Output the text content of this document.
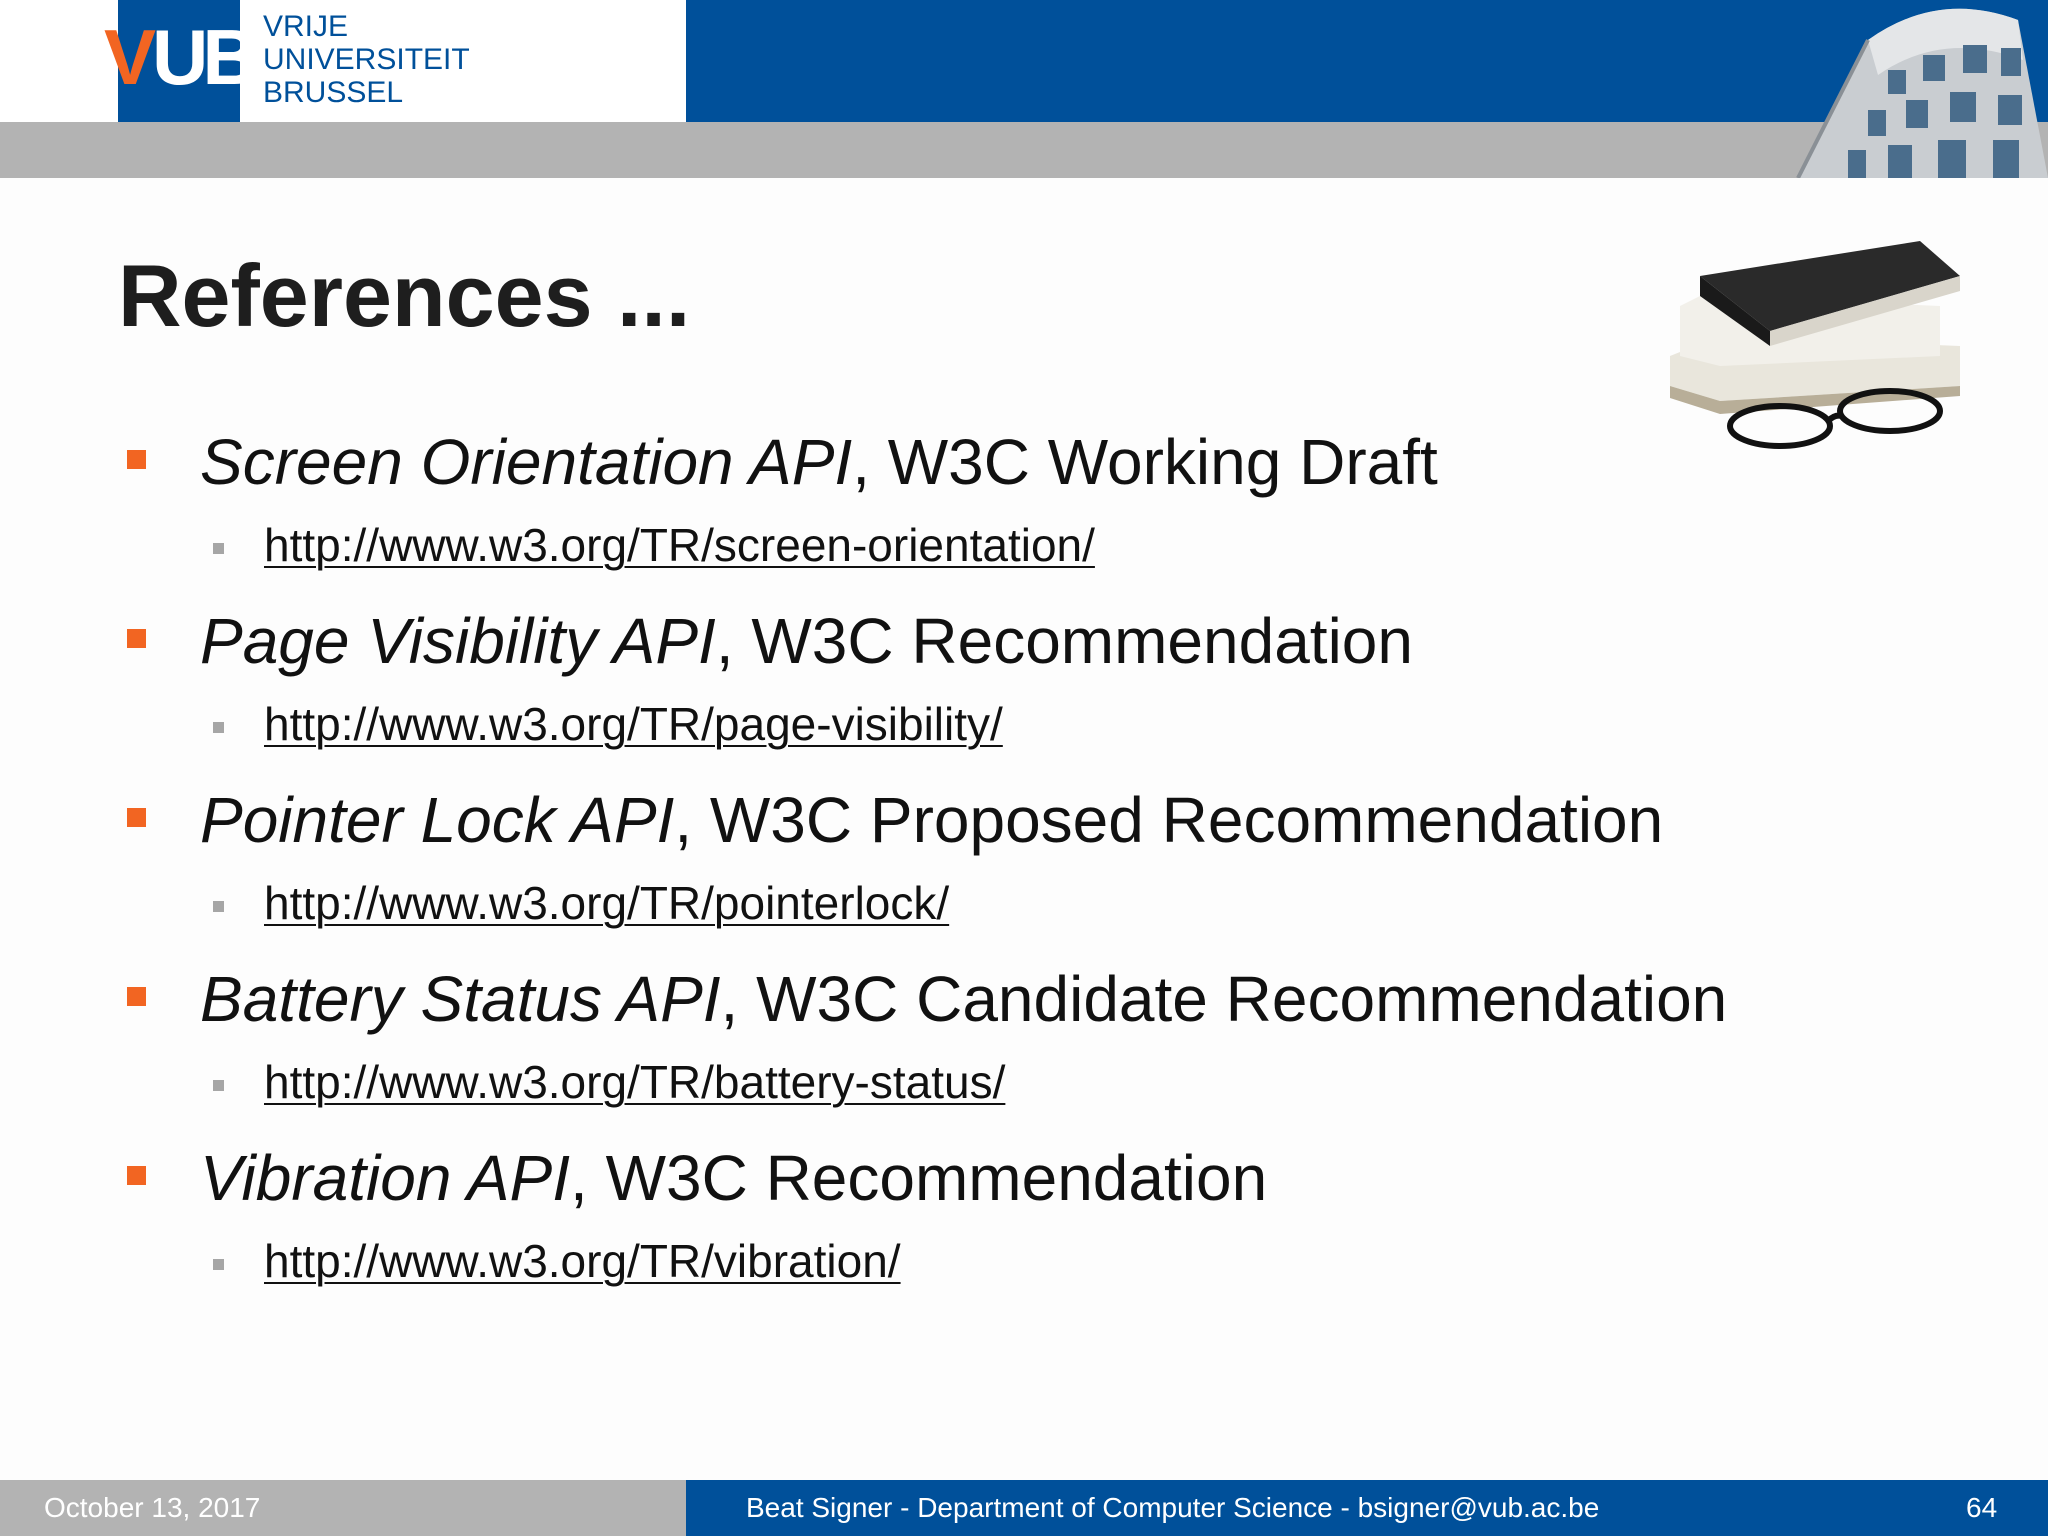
V UB VRIJE
UNIVERSITEIT
BRUSSEL
References ...
Screen Orientation API, W3C Working Draft
http://www.w3.org/TR/screen-orientation/
Page Visibility API, W3C Recommendation
http://www.w3.org/TR/page-visibility/
Pointer Lock API, W3C Proposed Recommendation
http://www.w3.org/TR/pointerlock/
Battery Status API, W3C Candidate Recommendation
http://www.w3.org/TR/battery-status/
Vibration API, W3C Recommendation
http://www.w3.org/TR/vibration/
October 13, 2017	Beat Signer - Department of Computer Science - bsigner@vub.ac.be	64
